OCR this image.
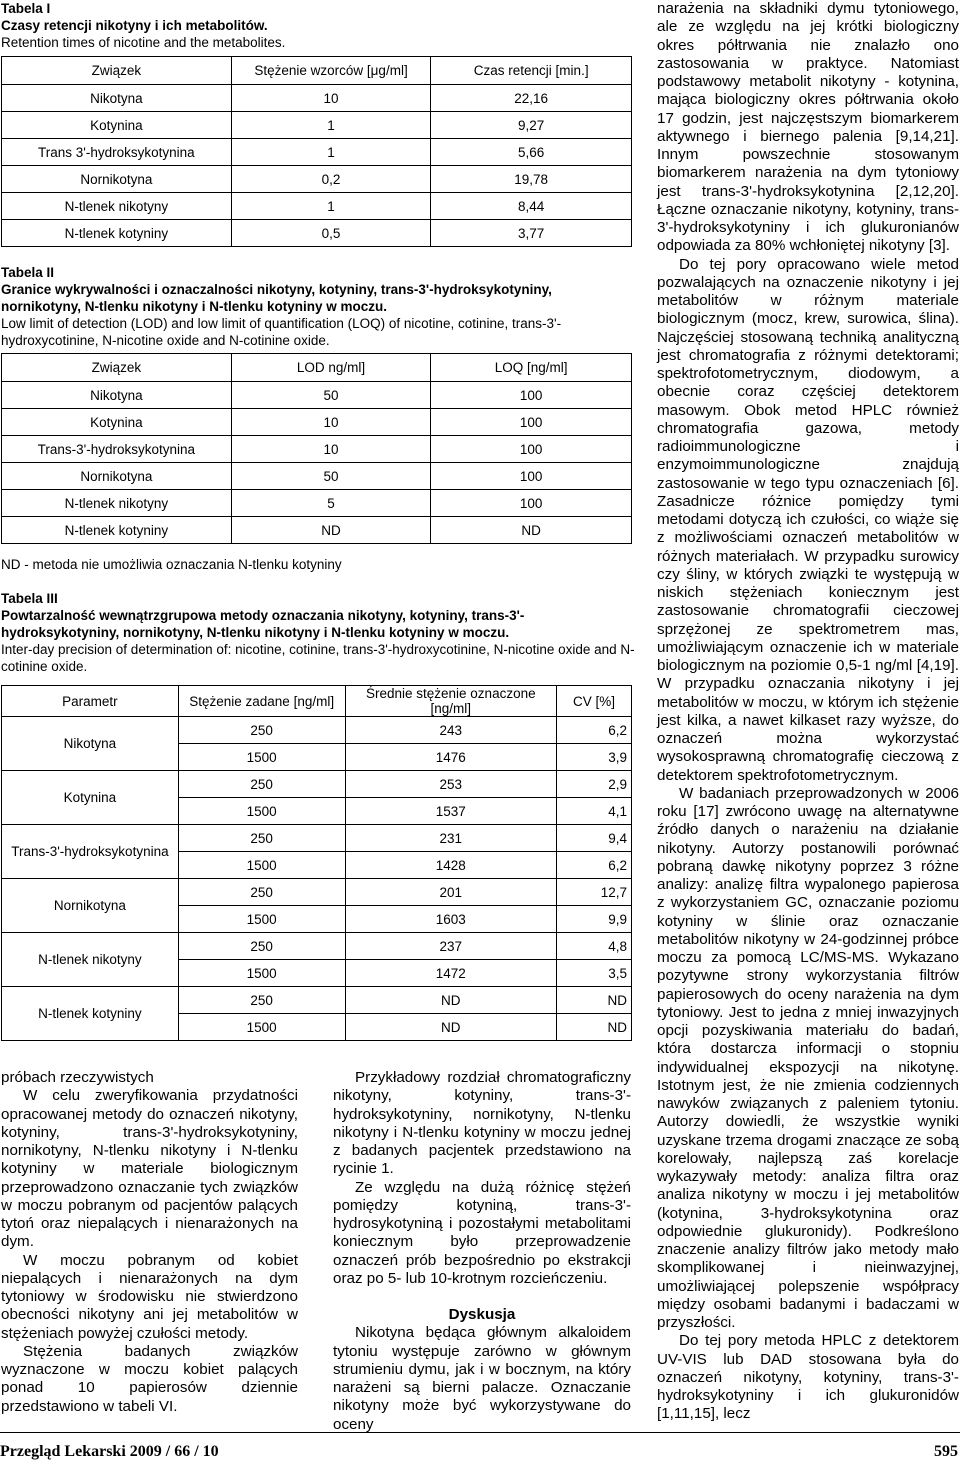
Tabela I
Czasy retencji nikotyny i ich metabolitów.
Retention times of nicotine and the metabolites.
Związek	Stężenie wzorców [μg/ml]	Czas retencji [min.]
Nikotyna	10	22,16
Kotynina	1	9,27
Trans 3'-hydroksykotynina	1	5,66
Nornikotyna	0,2	19,78
N-tlenek nikotyny	1	8,44
N-tlenek kotyniny	0,5	3,77
Tabela II
Granice wykrywalności i oznaczalności nikotyny, kotyniny, trans-3'-hydroksykotyniny, nornikotyny, N-tlenku nikotyny i N-tlenku kotyniny w moczu.
Low limit of detection (LOD) and low limit of quantification (LOQ) of nicotine, cotinine, trans-3'-hydroxycotinine, N-nicotine oxide and N-cotinine oxide.
Związek	LOD ng/ml]	LOQ [ng/ml]
Nikotyna	50	100
Kotynina	10	100
Trans-3'-hydroksykotynina	10	100
Nornikotyna	50	100
N-tlenek nikotyny	5	100
N-tlenek kotyniny	ND	ND
ND - metoda nie umożliwia oznaczania N-tlenku kotyniny
Tabela III
Powtarzalność wewnątrzgrupowa metody oznaczania nikotyny, kotyniny, trans-3'-hydroksykotyniny, nornikotyny, N-tlenku nikotyny i N-tlenku kotyniny w moczu.
Inter-day precision of determination of: nicotine, cotinine, trans-3'-hydroxycotinine, N-nicotine oxide and N-cotinine oxide.
Parametr	Stężenie zadane [ng/ml]	Średnie stężenie oznaczone [ng/ml]	CV [%]
Nikotyna	250	243	6,2
	1500	1476	3,9
Kotynina	250	253	2,9
	1500	1537	4,1
Trans-3'-hydroksykotynina	250	231	9,4
	1500	1428	6,2
Nornikotyna	250	201	12,7
	1500	1603	9,9
N-tlenek nikotyny	250	237	4,8
	1500	1472	3,5
N-tlenek kotyniny	250	ND	ND
	1500	ND	ND

próbach rzeczywistych

W celu zweryfikowania przydatności opracowanej metody do oznaczeń nikotyny, kotyniny, trans-3'-hydroksykotyniny, nornikotyny, N-tlenku nikotyny i N-tlenku kotyniny w materiale biologicznym przeprowadzono oznaczanie tych związków w moczu pobranym od pacjentów palących tytoń oraz niepalących i nienarażonych na dym.

W moczu pobranym od kobiet niepalących i nienarażonych na dym tytoniowy w środowisku nie stwierdzono obecności nikotyny ani jej metabolitów w stężeniach powyżej czułości metody.

Stężenia badanych związków wyznaczone w moczu kobiet palących ponad 10 papierosów dziennie przedstawiono w tabeli VI.

Przykładowy rozdział chromatograficzny nikotyny, kotyniny, trans-3'-hydroksykotyniny, nornikotyny, N-tlenku nikotyny i N-tlenku kotyniny w moczu jednej z badanych pacjentek przedstawiono na rycinie 1.

Ze względu na dużą różnicę stężeń pomiędzy kotyniną, trans-3'-hydrosykotyniną i pozostałymi metabolitami koniecznym było przeprowadzenie oznaczeń prób bezpośrednio po ekstrakcji oraz po 5- lub 10-krotnym rozcieńczeniu.

Dyskusja

Nikotyna będąca głównym alkaloidem tytoniu występuje zarówno w głównym strumieniu dymu, jak i w bocznym, na który narażeni są bierni palacze. Oznaczanie nikotyny może być wykorzystywane do oceny

narażenia na składniki dymu tytoniowego, ale ze względu na jej krótki biologiczny okres półtrwania nie znalazło ono zastosowania w praktyce. Natomiast podstawowy metabolit nikotyny - kotynina, mająca biologiczny okres półtrwania około 17 godzin, jest najczęstszym biomarkerem aktywnego i biernego palenia [9,14,21]. Innym powszechnie stosowanym biomarkerem narażenia na dym tytoniowy jest trans-3'-hydroksykotynina [2,12,20]. Łączne oznaczanie nikotyny, kotyniny, trans-3'-hydroksykotyniny i ich glukuronianów odpowiada za 80% wchłoniętej nikotyny [3].

Do tej pory opracowano wiele metod pozwalających na oznaczenie nikotyny i jej metabolitów w różnym materiale biologicznym (mocz, krew, surowica, ślina). Najczęściej stosowaną techniką analityczną jest chromatografia z różnymi detektorami; spektrofotometrycznym, diodowym, a obecnie coraz częściej detektorem masowym. Obok metod HPLC również chromatografia gazowa, metody radioimmunologiczne i enzymoimmunologiczne znajdują zastosowanie w tego typu oznaczeniach [6]. Zasadnicze różnice pomiędzy tymi metodami dotyczą ich czułości, co wiąże się z możliwościami oznaczeń metabolitów w różnych materiałach. W przypadku surowicy czy śliny, w których związki te występują w niskich stężeniach koniecznym jest zastosowanie chromatografii cieczowej sprzężonej ze spektrometrem mas, umożliwiającym oznaczenie ich w materiale biologicznym na poziomie 0,5-1 ng/ml [4,19]. W przypadku oznaczania nikotyny i jej metabolitów w moczu, w którym ich stężenie jest kilka, a nawet kilkaset razy wyższe, do oznaczeń można wykorzystać wysokosprawną chromatografię cieczową z detektorem spektrofotometrycznym.

W badaniach przeprowadzonych w 2006 roku [17] zwrócono uwagę na alternatywne źródło danych o narażeniu na działanie nikotyny. Autorzy postanowili porównać pobraną dawkę nikotyny poprzez 3 różne analizy: analizę filtra wypalonego papierosa z wykorzystaniem GC, oznaczanie poziomu kotyniny w ślinie oraz oznaczanie metabolitów nikotyny w 24-godzinnej próbce moczu za pomocą LC/MS-MS. Wykazano pozytywne strony wykorzystania filtrów papierosowych do oceny narażenia na dym tytoniowy. Jest to jedna z mniej inwazyjnych opcji pozyskiwania materiału do badań, która dostarcza informacji o stopniu indywidualnej ekspozycji na nikotynę. Istotnym jest, że nie zmienia codziennych nawyków związanych z paleniem tytoniu. Autorzy dowiedli, że wszystkie wyniki uzyskane trzema drogami znaczące ze sobą korelowały, najlepszą zaś korelacje wykazywały metody: analiza filtra oraz analiza nikotyny w moczu i jej metabolitów (kotynina, 3-hydroksykotynina oraz odpowiednie glukuronidy). Podkreślono znaczenie analizy filtrów jako metody mało skomplikowanej i nieinwazyjnej, umożliwiającej polepszenie współpracy między osobami badanymi i badaczami w przyszłości.

Do tej pory metoda HPLC z detektorem UV-VIS lub DAD stosowana była do oznaczeń nikotyny, kotyniny, trans-3'-hydroksykotyniny i ich glukuronidów [1,11,15], lecz

Przegląd Lekarski 2009 / 66 / 10	595
